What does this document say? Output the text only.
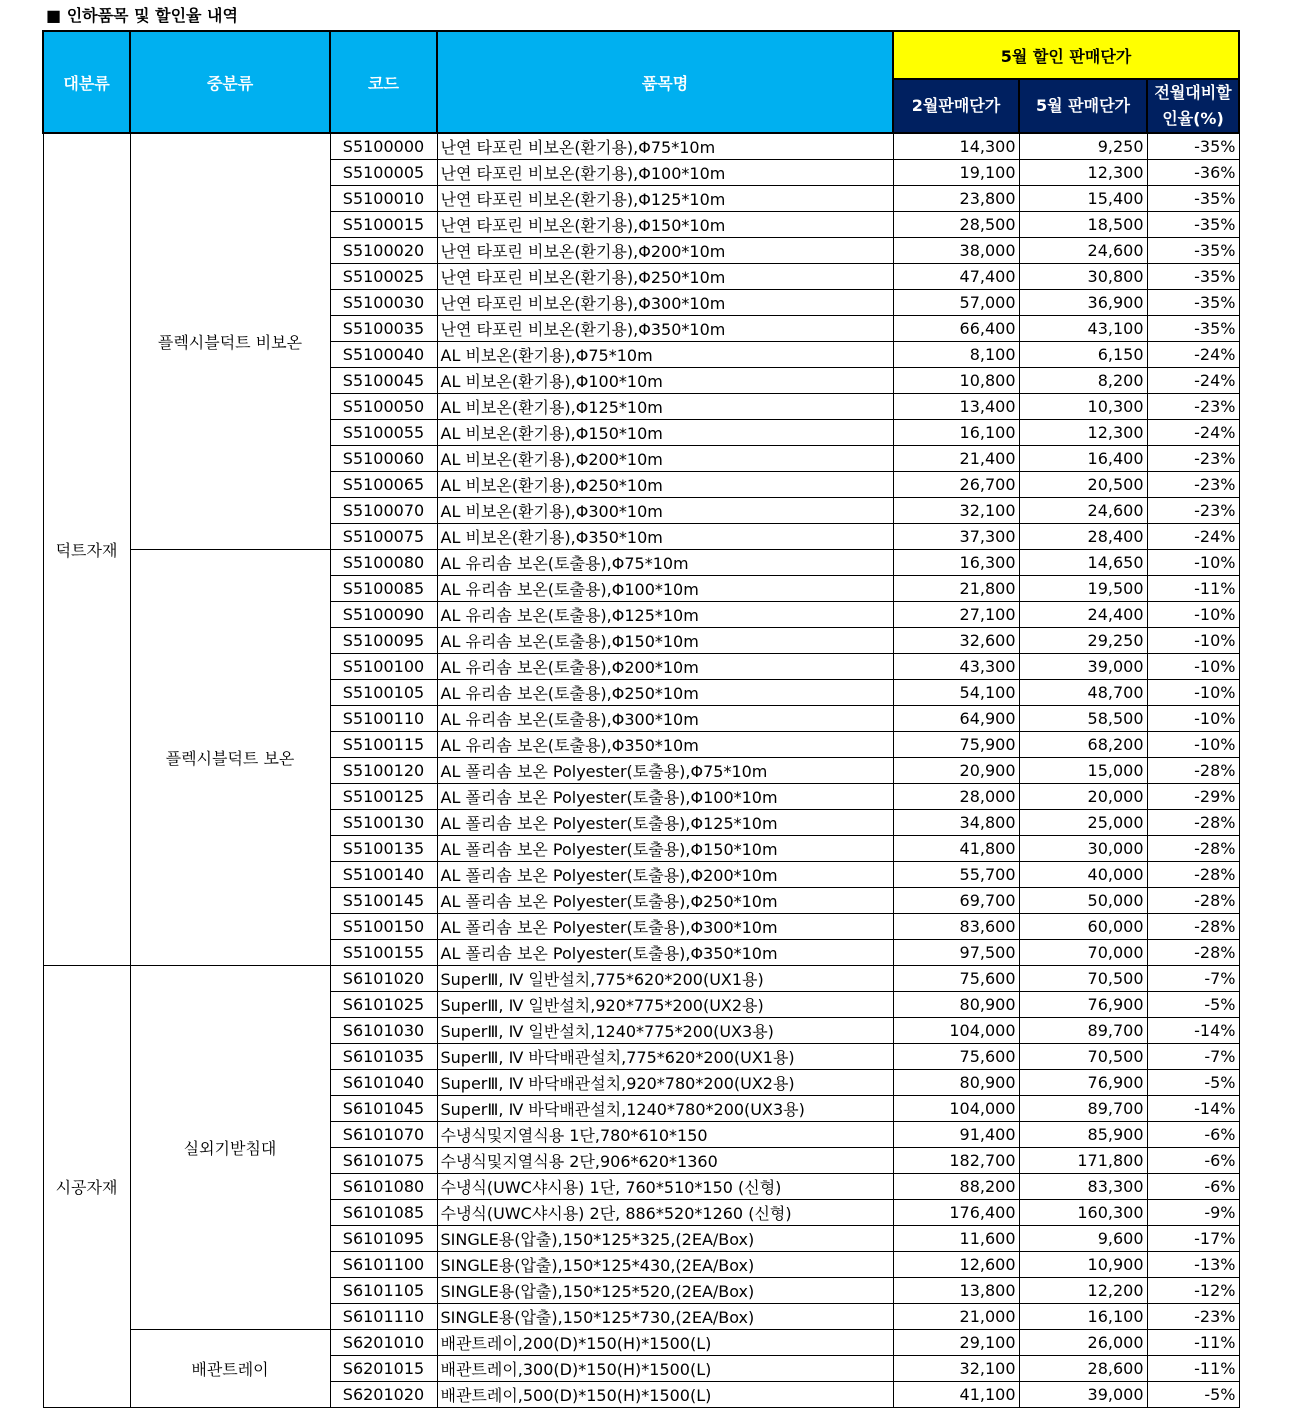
■ 인하품목 및 할인율 내역
대분류	중분류	코드	품목명	5월 할인 판매단가		
				2월판매단가	5월 판매단가	전월대비할
인율(%)
덕트자재	플렉시블덕트 비보온	S5100000	난연 타포린 비보온(환기용),Φ75*10m	14,300	9,250	-35%
		S5100005	난연 타포린 비보온(환기용),Φ100*10m	19,100	12,300	-36%
		S5100010	난연 타포린 비보온(환기용),Φ125*10m	23,800	15,400	-35%
		S5100015	난연 타포린 비보온(환기용),Φ150*10m	28,500	18,500	-35%
		S5100020	난연 타포린 비보온(환기용),Φ200*10m	38,000	24,600	-35%
		S5100025	난연 타포린 비보온(환기용),Φ250*10m	47,400	30,800	-35%
		S5100030	난연 타포린 비보온(환기용),Φ300*10m	57,000	36,900	-35%
		S5100035	난연 타포린 비보온(환기용),Φ350*10m	66,400	43,100	-35%
		S5100040	AL 비보온(환기용),Φ75*10m	8,100	6,150	-24%
		S5100045	AL 비보온(환기용),Φ100*10m	10,800	8,200	-24%
		S5100050	AL 비보온(환기용),Φ125*10m	13,400	10,300	-23%
		S5100055	AL 비보온(환기용),Φ150*10m	16,100	12,300	-24%
		S5100060	AL 비보온(환기용),Φ200*10m	21,400	16,400	-23%
		S5100065	AL 비보온(환기용),Φ250*10m	26,700	20,500	-23%
		S5100070	AL 비보온(환기용),Φ300*10m	32,100	24,600	-23%
		S5100075	AL 비보온(환기용),Φ350*10m	37,300	28,400	-24%
	플렉시블덕트 보온	S5100080	AL 유리솜 보온(토출용),Φ75*10m	16,300	14,650	-10%
		S5100085	AL 유리솜 보온(토출용),Φ100*10m	21,800	19,500	-11%
		S5100090	AL 유리솜 보온(토출용),Φ125*10m	27,100	24,400	-10%
		S5100095	AL 유리솜 보온(토출용),Φ150*10m	32,600	29,250	-10%
		S5100100	AL 유리솜 보온(토출용),Φ200*10m	43,300	39,000	-10%
		S5100105	AL 유리솜 보온(토출용),Φ250*10m	54,100	48,700	-10%
		S5100110	AL 유리솜 보온(토출용),Φ300*10m	64,900	58,500	-10%
		S5100115	AL 유리솜 보온(토출용),Φ350*10m	75,900	68,200	-10%
		S5100120	AL 폴리솜 보온 Polyester(토출용),Φ75*10m	20,900	15,000	-28%
		S5100125	AL 폴리솜 보온 Polyester(토출용),Φ100*10m	28,000	20,000	-29%
		S5100130	AL 폴리솜 보온 Polyester(토출용),Φ125*10m	34,800	25,000	-28%
		S5100135	AL 폴리솜 보온 Polyester(토출용),Φ150*10m	41,800	30,000	-28%
		S5100140	AL 폴리솜 보온 Polyester(토출용),Φ200*10m	55,700	40,000	-28%
		S5100145	AL 폴리솜 보온 Polyester(토출용),Φ250*10m	69,700	50,000	-28%
		S5100150	AL 폴리솜 보온 Polyester(토출용),Φ300*10m	83,600	60,000	-28%
		S5100155	AL 폴리솜 보온 Polyester(토출용),Φ350*10m	97,500	70,000	-28%
시공자재	실외기받침대	S6101020	SuperⅢ, Ⅳ 일반설치,775*620*200(UX1용)	75,600	70,500	-7%
		S6101025	SuperⅢ, Ⅳ 일반설치,920*775*200(UX2용)	80,900	76,900	-5%
		S6101030	SuperⅢ, Ⅳ 일반설치,1240*775*200(UX3용)	104,000	89,700	-14%
		S6101035	SuperⅢ, Ⅳ 바닥배관설치,775*620*200(UX1용)	75,600	70,500	-7%
		S6101040	SuperⅢ, Ⅳ 바닥배관설치,920*780*200(UX2용)	80,900	76,900	-5%
		S6101045	SuperⅢ, Ⅳ 바닥배관설치,1240*780*200(UX3용)	104,000	89,700	-14%
		S6101070	수냉식및지열식용 1단,780*610*150	91,400	85,900	-6%
		S6101075	수냉식및지열식용 2단,906*620*1360	182,700	171,800	-6%
		S6101080	수냉식(UWC샤시용) 1단, 760*510*150 (신형)	88,200	83,300	-6%
		S6101085	수냉식(UWC샤시용) 2단, 886*520*1260 (신형)	176,400	160,300	-9%
		S6101095	SINGLE용(압출),150*125*325,(2EA/Box)	11,600	9,600	-17%
		S6101100	SINGLE용(압출),150*125*430,(2EA/Box)	12,600	10,900	-13%
		S6101105	SINGLE용(압출),150*125*520,(2EA/Box)	13,800	12,200	-12%
		S6101110	SINGLE용(압출),150*125*730,(2EA/Box)	21,000	16,100	-23%
	배관트레이	S6201010	배관트레이,200(D)*150(H)*1500(L)	29,100	26,000	-11%
		S6201015	배관트레이,300(D)*150(H)*1500(L)	32,100	28,600	-11%
		S6201020	배관트레이,500(D)*150(H)*1500(L)	41,100	39,000	-5%
